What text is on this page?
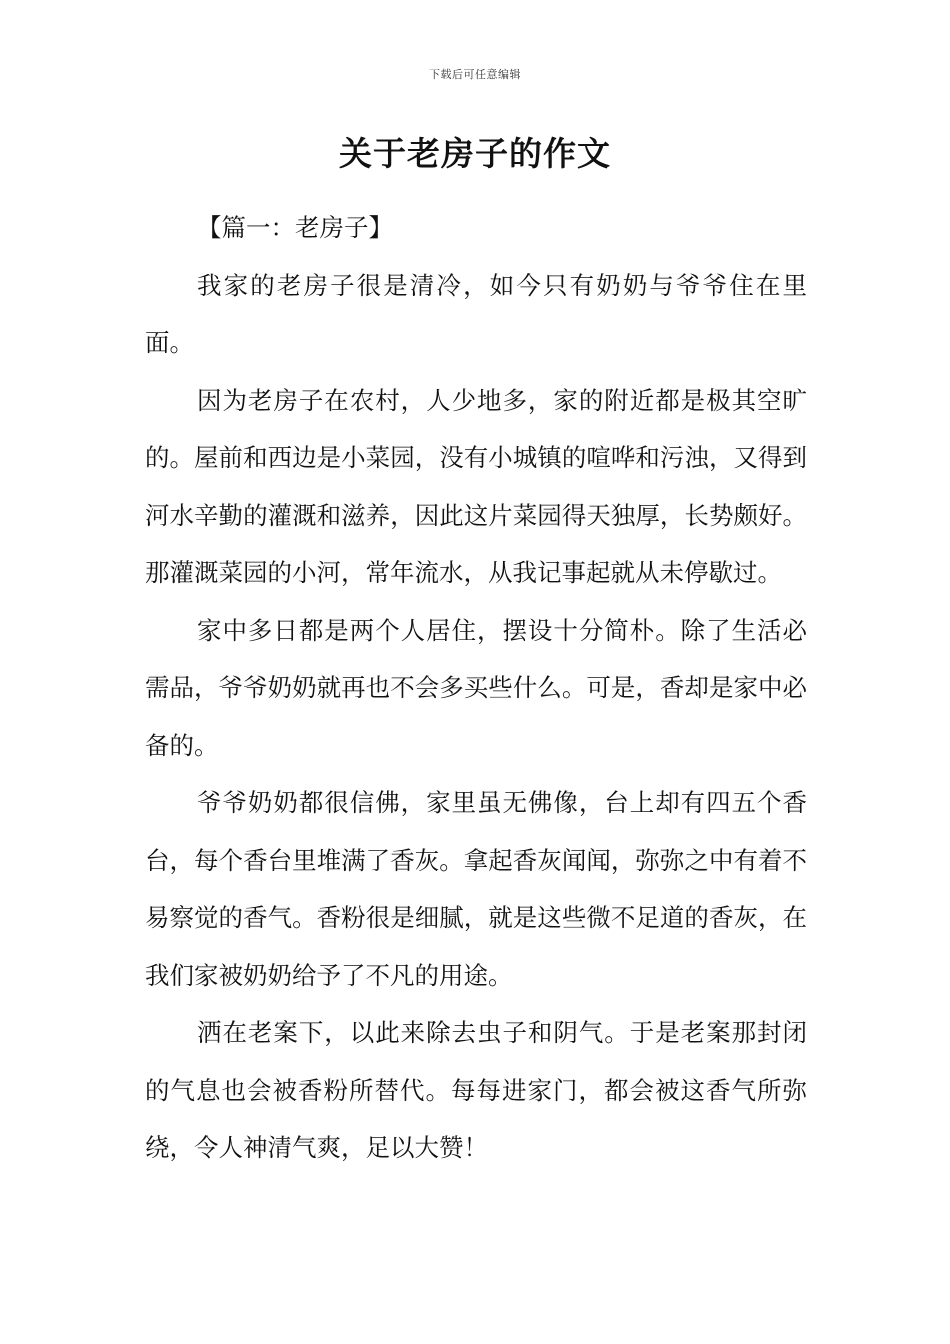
下载后可任意编辑
关于老房子的作文

【篇一：老房子】

我家的老房子很是清冷，如今只有奶奶与爷爷住在里面。

因为老房子在农村，人少地多，家的附近都是极其空旷的。屋前和西边是小菜园，没有小城镇的喧哗和污浊，又得到河水辛勤的灌溉和滋养，因此这片菜园得天独厚，长势颇好。那灌溉菜园的小河，常年流水，从我记事起就从未停歇过。

家中多日都是两个人居住，摆设十分简朴。除了生活必需品，爷爷奶奶就再也不会多买些什么。可是，香却是家中必备的。

爷爷奶奶都很信佛，家里虽无佛像，台上却有四五个香台，每个香台里堆满了香灰。拿起香灰闻闻，弥弥之中有着不易察觉的香气。香粉很是细腻，就是这些微不足道的香灰，在我们家被奶奶给予了不凡的用途。

洒在老案下，以此来除去虫子和阴气。于是老案那封闭的气息也会被香粉所替代。每每进家门，都会被这香气所弥绕，令人神清气爽，足以大赞！
